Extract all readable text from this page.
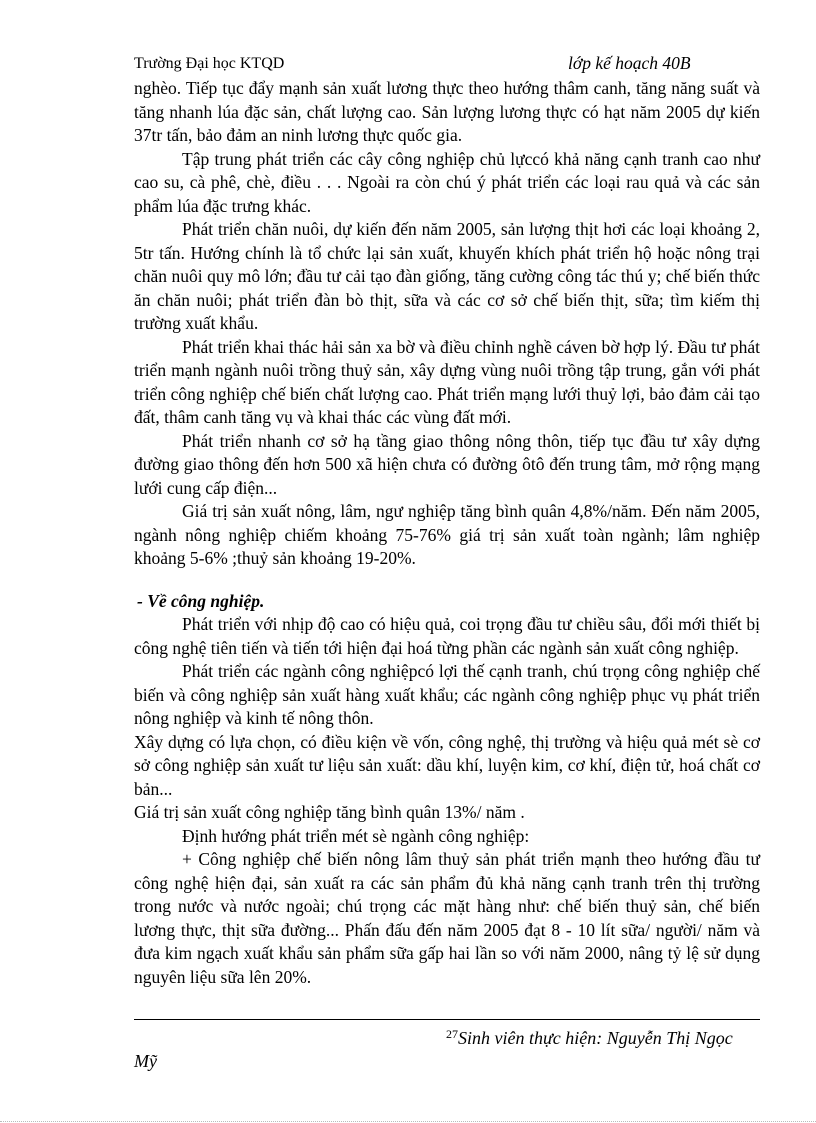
Trường Đại học KTQD	lớp kế hoạch 40B

nghèo. Tiếp tục đẩy mạnh sản xuất lương thực theo hướng thâm canh, tăng năng suất và tăng nhanh lúa đặc sản, chất lượng cao. Sản lượng lương thực có hạt năm 2005 dự kiến 37tr tấn, bảo đảm an ninh lương thực quốc gia.

Tập trung phát triển các cây công nghiệp chủ lựccó khả năng cạnh tranh cao như cao su, cà phê, chè, điều . . . Ngoài ra còn chú ý phát triển các loại rau quả và các sản phẩm lúa đặc trưng khác.

Phát triển chăn nuôi, dự kiến đến năm 2005, sản lượng thịt hơi các loại khoảng 2, 5tr tấn. Hướng chính là tổ chức lại sản xuất, khuyến khích phát triển hộ hoặc nông trại chăn nuôi quy mô lớn; đầu tư cải tạo đàn giống, tăng cường công tác thú y; chế biến thức ăn chăn nuôi; phát triển đàn bò thịt, sữa và các cơ sở chế biến thịt, sữa; tìm kiếm thị trường xuất khẩu.

Phát triển khai thác hải sản xa bờ và điều chỉnh nghề cáven bờ hợp lý. Đầu tư phát triển mạnh ngành nuôi trồng thuỷ sản, xây dựng vùng nuôi trồng tập trung, gắn với phát triển công nghiệp chế biến chất lượng cao. Phát triển mạng lưới thuỷ lợi, bảo đảm cải tạo đất, thâm canh tăng vụ và khai thác các vùng đất mới.

Phát triển nhanh cơ sở hạ tầng giao thông nông thôn, tiếp tục đầu tư xây dựng đường giao thông đến hơn 500 xã hiện chưa có đường ôtô đến trung tâm, mở rộng mạng lưới cung cấp điện...

Giá trị sản xuất nông, lâm, ngư nghiệp tăng bình quân 4,8%/năm. Đến năm 2005, ngành nông nghiệp chiếm khoảng 75-76% giá trị sản xuất toàn ngành; lâm nghiệp khoảng 5-6% ;thuỷ sản khoảng 19-20%.

- Về công nghiệp.

Phát triển với nhịp độ cao có hiệu quả, coi trọng đầu tư chiều sâu, đổi mới thiết bị công nghệ tiên tiến và tiến tới hiện đại hoá từng phần các ngành sản xuất công nghiệp.

Phát triển các ngành công nghiệpcó lợi thế cạnh tranh, chú trọng công nghiệp chế biến và công nghiệp sản xuất hàng xuất khẩu; các ngành công nghiệp phục vụ phát triển nông nghiệp và kinh tế nông thôn.

Xây dựng có lựa chọn, có điều kiện về vốn, công nghệ, thị trường và hiệu quả mét sè cơ sở công nghiệp sản xuất tư liệu sản xuất: dầu khí, luyện kim, cơ khí, điện tử, hoá chất cơ bản...

Giá trị sản xuất công nghiệp tăng bình quân 13%/ năm .

Định hướng phát triển mét sè ngành công nghiệp:

+ Công nghiệp chế biến nông lâm thuỷ sản phát triển mạnh theo hướng đầu tư công nghệ hiện đại, sản xuất ra các sản phẩm đủ khả năng cạnh tranh trên thị trường trong nước và nước ngoài; chú trọng các mặt hàng như: chế biến thuỷ sản, chế biến lương thực, thịt sữa đường... Phấn đấu đến năm 2005 đạt 8 - 10 lít sữa/ người/ năm và đưa kim ngạch xuất khẩu sản phẩm sữa gấp hai lần so với năm 2000, nâng tỷ lệ sử dụng nguyên liệu sữa lên 20%.

$^{27}$Sinh viên thực hiện: Nguyễn Thị Ngọc
Mỹ
